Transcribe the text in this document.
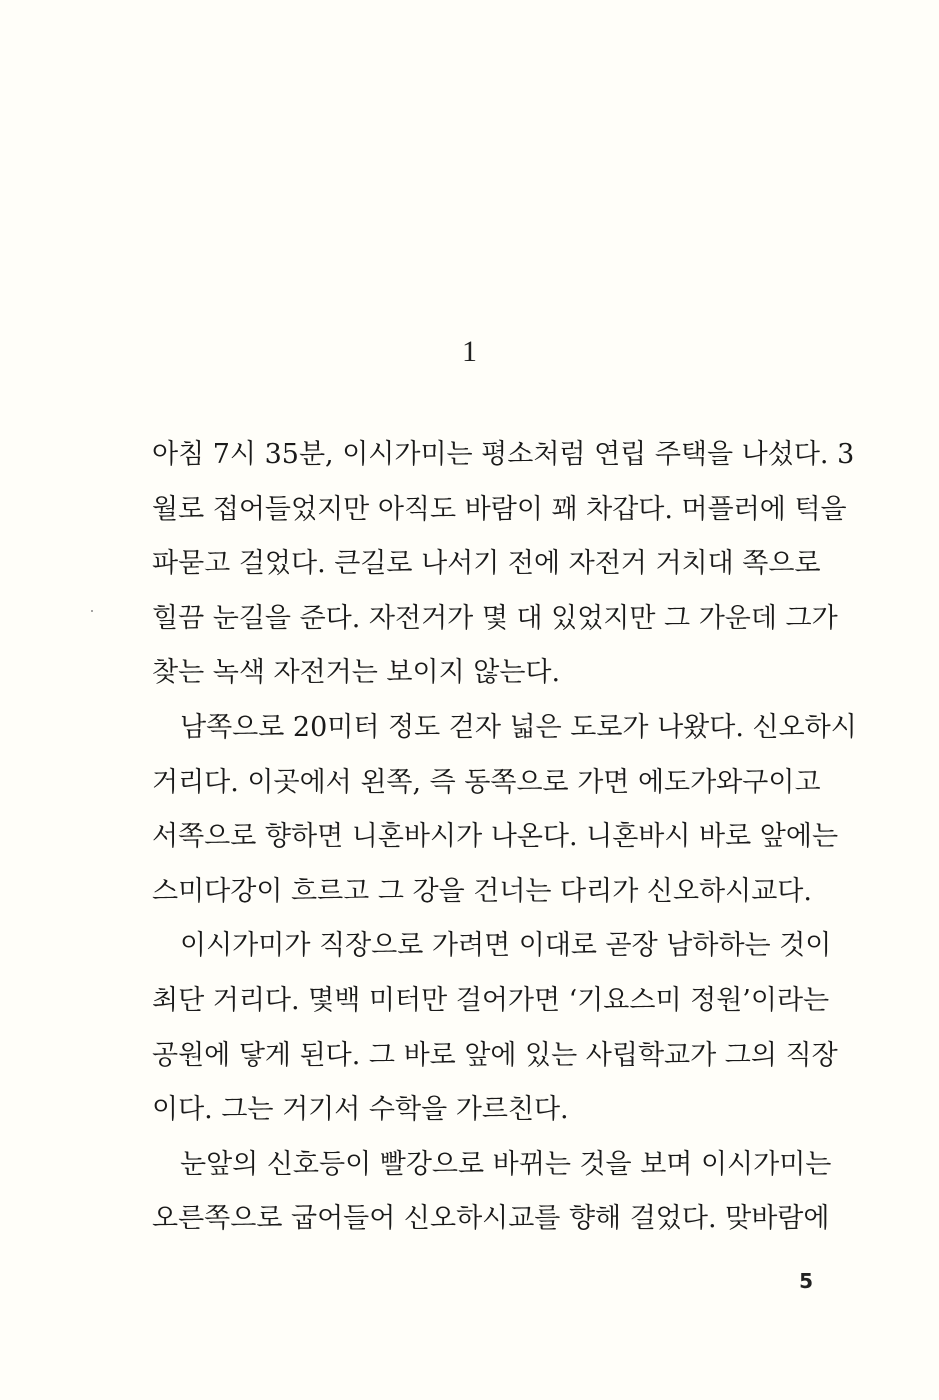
1
아침 7시 35분, 이시가미는 평소처럼 연립 주택을 나섰다. 3
월로 접어들었지만 아직도 바람이 꽤 차갑다. 머플러에 턱을
파묻고 걸었다. 큰길로 나서기 전에 자전거 거치대 쪽으로
힐끔 눈길을 준다. 자전거가 몇 대 있었지만 그 가운데 그가
찾는 녹색 자전거는 보이지 않는다.
남쪽으로 20미터 정도 걷자 넓은 도로가 나왔다. 신오하시
거리다. 이곳에서 왼쪽, 즉 동쪽으로 가면 에도가와구이고
서쪽으로 향하면 니혼바시가 나온다. 니혼바시 바로 앞에는
스미다강이 흐르고 그 강을 건너는 다리가 신오하시교다.
이시가미가 직장으로 가려면 이대로 곧장 남하하는 것이
최단 거리다. 몇백 미터만 걸어가면 ‘기요스미 정원’이라는
공원에 닿게 된다. 그 바로 앞에 있는 사립학교가 그의 직장
이다. 그는 거기서 수학을 가르친다.
눈앞의 신호등이 빨강으로 바뀌는 것을 보며 이시가미는
오른쪽으로 굽어들어 신오하시교를 향해 걸었다. 맞바람에
5
